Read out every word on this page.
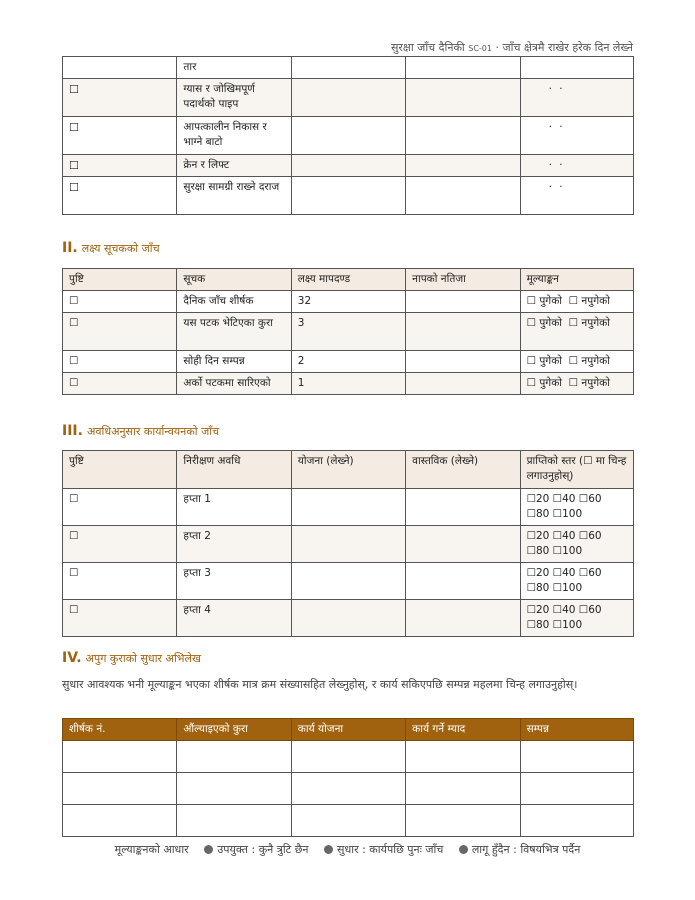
सुरक्षा जाँच दैनिकी SC-01 · जाँच क्षेत्रमै राखेर हरेक दिन लेख्ने
	तार			
☐	ग्यास र जोखिमपूर्ण पदार्थको पाइप			· ·
☐	आपत्कालीन निकास र भाग्ने बाटो			· ·
☐	क्रेन र लिफ्ट			· ·
☐	सुरक्षा सामग्री राख्ने दराज			· ·
II. लक्ष्य सूचकको जाँच
पुष्टि	सूचक	लक्ष्य मापदण्ड	नापको नतिजा	मूल्याङ्कन
☐	दैनिक जाँच शीर्षक	32		☐ पुगेको ☐ नपुगेको
☐	यस पटक भेटिएका कुरा	3		☐ पुगेको ☐ नपुगेको
☐	सोही दिन सम्पन्न	2		☐ पुगेको ☐ नपुगेको
☐	अर्को पटकमा सारिएको	1		☐ पुगेको ☐ नपुगेको
III. अवधिअनुसार कार्यान्वयनको जाँच
पुष्टि	निरीक्षण अवधि	योजना (लेख्ने)	वास्तविक (लेख्ने)	प्राप्तिको स्तर (☐ मा चिन्ह लगाउनुहोस्)
☐	हप्ता 1			☐20 ☐40 ☐60
☐80 ☐100

☐	हप्ता 2			☐20 ☐40 ☐60
☐80 ☐100

☐	हप्ता 3			☐20 ☐40 ☐60
☐80 ☐100

☐	हप्ता 4			☐20 ☐40 ☐60
☐80 ☐100
IV. अपुग कुराको सुधार अभिलेख
सुधार आवश्यक भनी मूल्याङ्कन भएका शीर्षक मात्र क्रम संख्यासहित लेख्नुहोस्, र कार्य सकिएपछि सम्पन्न महलमा चिन्ह लगाउनुहोस्।
शीर्षक नं.	औंल्याइएको कुरा	कार्य योजना	कार्य गर्ने म्याद	सम्पन्न

मूल्याङ्कनको आधार	उपयुक्त : कुनै त्रुटि छैन	सुधार : कार्यपछि पुनः जाँच	लागू हुँदैन : विषयभित्र पर्दैन
